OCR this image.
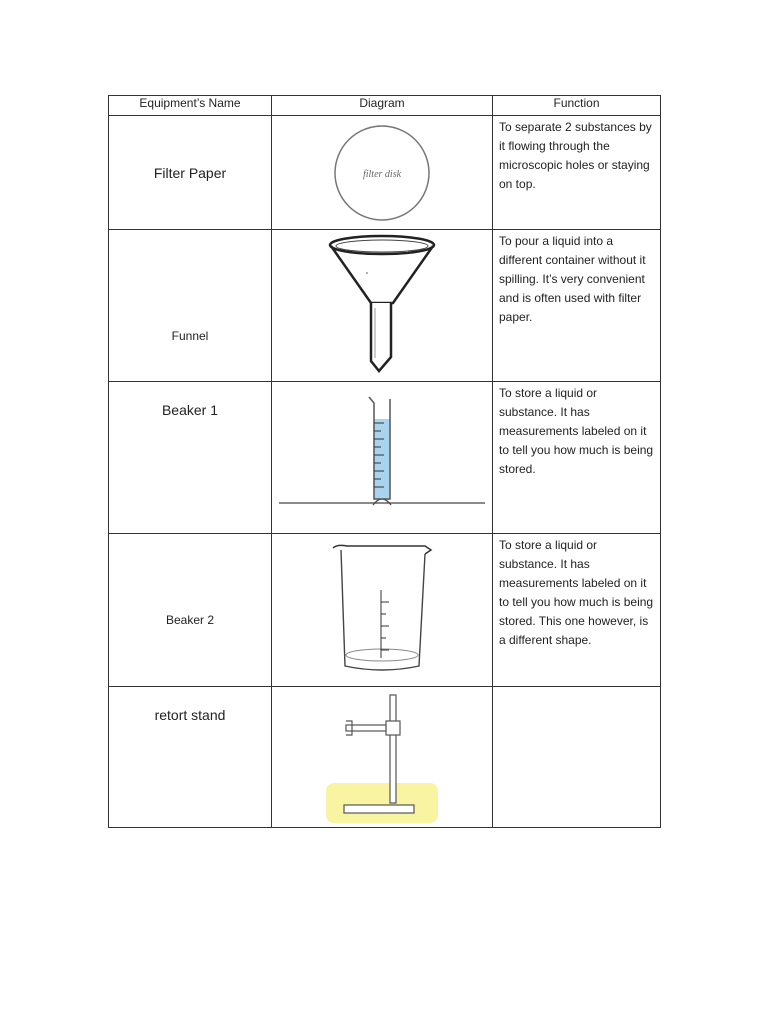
Equipment’s Name	Diagram	Function
Filter Paper	filter disk	To separate 2 substances by it flowing through the microscopic holes or staying on top.
Funnel		To pour a liquid into a different container without it spilling. It’s very convenient and is often used with filter paper.
Beaker 1		To store a liquid or substance. It has measurements labeled on it to tell you how much is being stored.
Beaker 2		To store a liquid or substance. It has measurements labeled on it to tell you how much is being stored. This one however, is a different shape.
retort stand	
